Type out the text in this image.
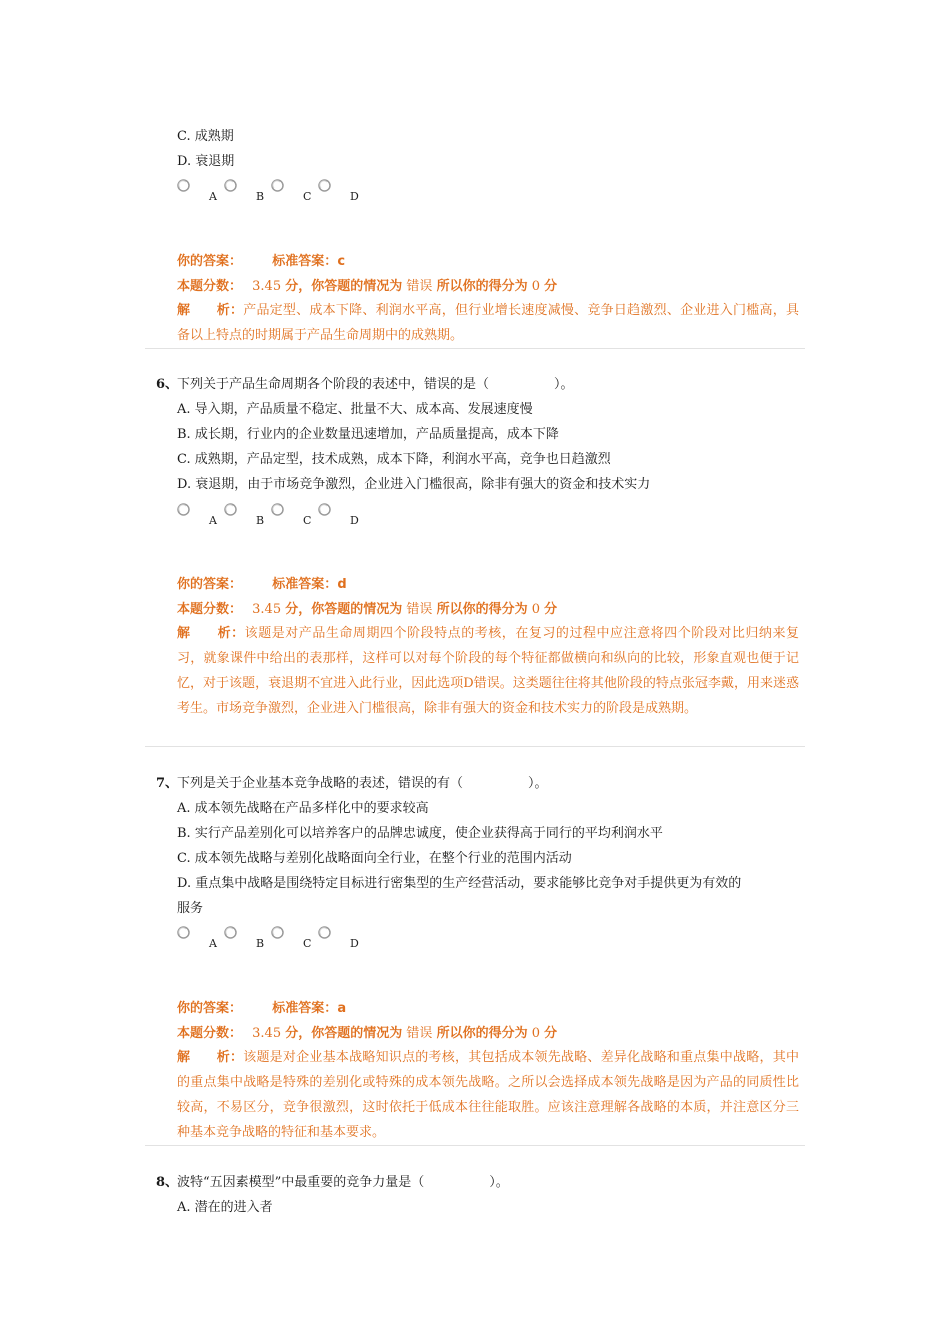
C. 成熟期
D. 衰退期
A	B	C	D
你的答案： 标准答案：c
本题分数： 3.45 分，你答题的情况为 错误 所以你的得分为 0 分
解　　析：产品定型、成本下降、利润水平高，但行业增长速度减慢、竞争日趋激烈、企业进入门槛高，具备以上特点的时期属于产品生命周期中的成熟期。
6、
下列关于产品生命周期各个阶段的表述中，错误的是（　　　　　）。
A. 导入期，产品质量不稳定、批量不大、成本高、发展速度慢
B. 成长期，行业内的企业数量迅速增加，产品质量提高，成本下降
C. 成熟期，产品定型，技术成熟，成本下降，利润水平高，竞争也日趋激烈
D. 衰退期，由于市场竞争激烈，企业进入门槛很高，除非有强大的资金和技术实力
A	B	C	D
你的答案： 标准答案：d
本题分数： 3.45 分，你答题的情况为 错误 所以你的得分为 0 分
解　　析：该题是对产品生命周期四个阶段特点的考核，在复习的过程中应注意将四个阶段对比归纳来复习，就象课件中给出的表那样，这样可以对每个阶段的每个特征都做横向和纵向的比较，形象直观也便于记忆，对于该题，衰退期不宜进入此行业，因此选项D错误。这类题往往将其他阶段的特点张冠李戴，用来迷惑考生。市场竞争激烈，企业进入门槛很高，除非有强大的资金和技术实力的阶段是成熟期。
7、
下列是关于企业基本竞争战略的表述，错误的有（　　　　　）。
A. 成本领先战略在产品多样化中的要求较高
B. 实行产品差别化可以培养客户的品牌忠诚度，使企业获得高于同行的平均利润水平
C. 成本领先战略与差别化战略面向全行业，在整个行业的范围内活动
D. 重点集中战略是围绕特定目标进行密集型的生产经营活动，要求能够比竞争对手提供更为有效的
服务
A	B	C	D
你的答案： 标准答案：a
本题分数： 3.45 分，你答题的情况为 错误 所以你的得分为 0 分
解　　析：该题是对企业基本战略知识点的考核，其包括成本领先战略、差异化战略和重点集中战略，其中的重点集中战略是特殊的差别化或特殊的成本领先战略。之所以会选择成本领先战略是因为产品的同质性比较高，不易区分，竞争很激烈，这时依托于低成本往往能取胜。应该注意理解各战略的本质，并注意区分三种基本竞争战略的特征和基本要求。
8、
波特“五因素模型”中最重要的竞争力量是（　　　　　）。
A. 潜在的进入者
